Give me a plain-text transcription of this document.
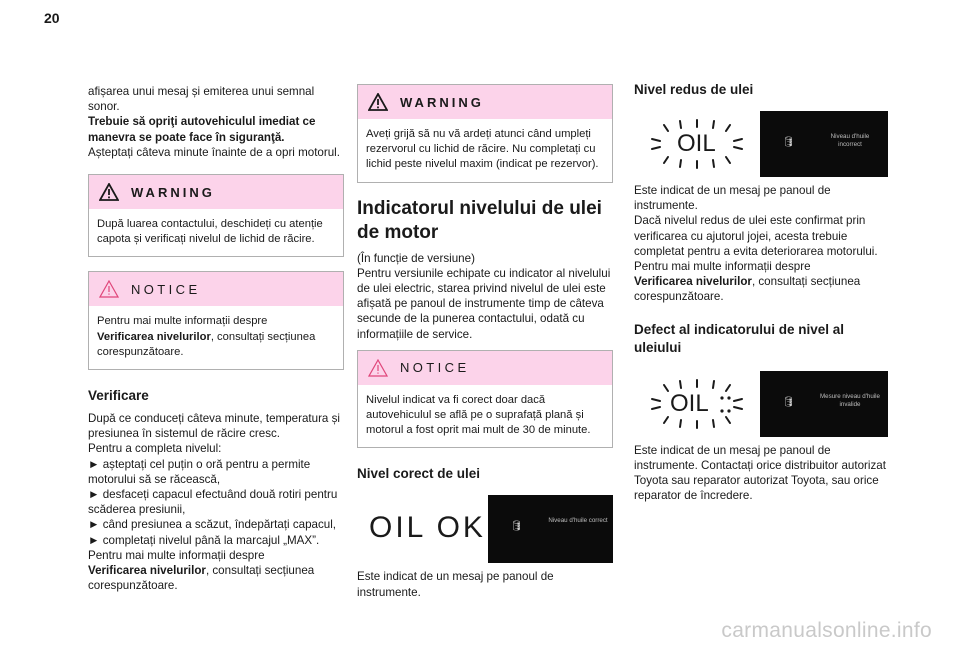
20

afișarea unui mesaj și emiterea unui semnal sonor.
Trebuie să opriţi autovehiculul imediat ce manevra se poate face în siguranţă.
Așteptați câteva minute înainte de a opri motorul.

WARNING
După luarea contactului, deschideți cu atenție capota și verificați nivelul de lichid de răcire.
NOTICE
Pentru mai multe informații despre
Verificarea nivelurilor, consultați secțiunea corespunzătoare.
Verificare

După ce conduceți câteva minute, temperatura și presiunea în sistemul de răcire cresc.
Pentru a completa nivelul:
► așteptați cel puțin o oră pentru a permite motorului să se răcească,
► desfaceți capacul efectuând două rotiri pentru scăderea presiunii,
► când presiunea a scăzut, îndepărtați capacul,
► completați nivelul până la marcajul „MAX”.
Pentru mai multe informații despre
Verificarea nivelurilor, consultați secțiunea corespunzătoare.

WARNING
Aveți grijă să nu vă ardeți atunci când umpleți rezervorul cu lichid de răcire. Nu completați cu lichid peste nivelul maxim (indicat pe rezervor).
Indicatorul nivelului de ulei de motor

(În funcție de versiune)
Pentru versiunile echipate cu indicator al nivelului de ulei electric, starea privind nivelul de ulei este afișată pe panoul de instrumente timp de câteva secunde de la punerea contactului, odată cu informațiile de service.

NOTICE
Nivelul indicat va fi corect doar dacă autovehiculul se află pe o suprafață plană și motorul a fost oprit mai mult de 30 de minute.
Nivel corect de ulei
OIL OK 🛢
Niveau d'huile correct

Este indicat de un mesaj pe panoul de instrumente.

Nivel redus de ulei
OIL	🛢
Niveau d'huile incorrect

Este indicat de un mesaj pe panoul de instrumente.
Dacă nivelul redus de ulei este confirmat prin verificarea cu ajutorul jojei, acesta trebuie completat pentru a evita deteriorarea motorului.
Pentru mai multe informații despre
Verificarea nivelurilor, consultați secțiunea corespunzătoare.

Defect al indicatorului de nivel al uleiului
OIL	🛢
Mesure niveau d'huile invalide

Este indicat de un mesaj pe panoul de instrumente. Contactați orice distribuitor autorizat Toyota sau reparator autorizat Toyota, sau orice reparator de încredere.

carmanualsonline.info
